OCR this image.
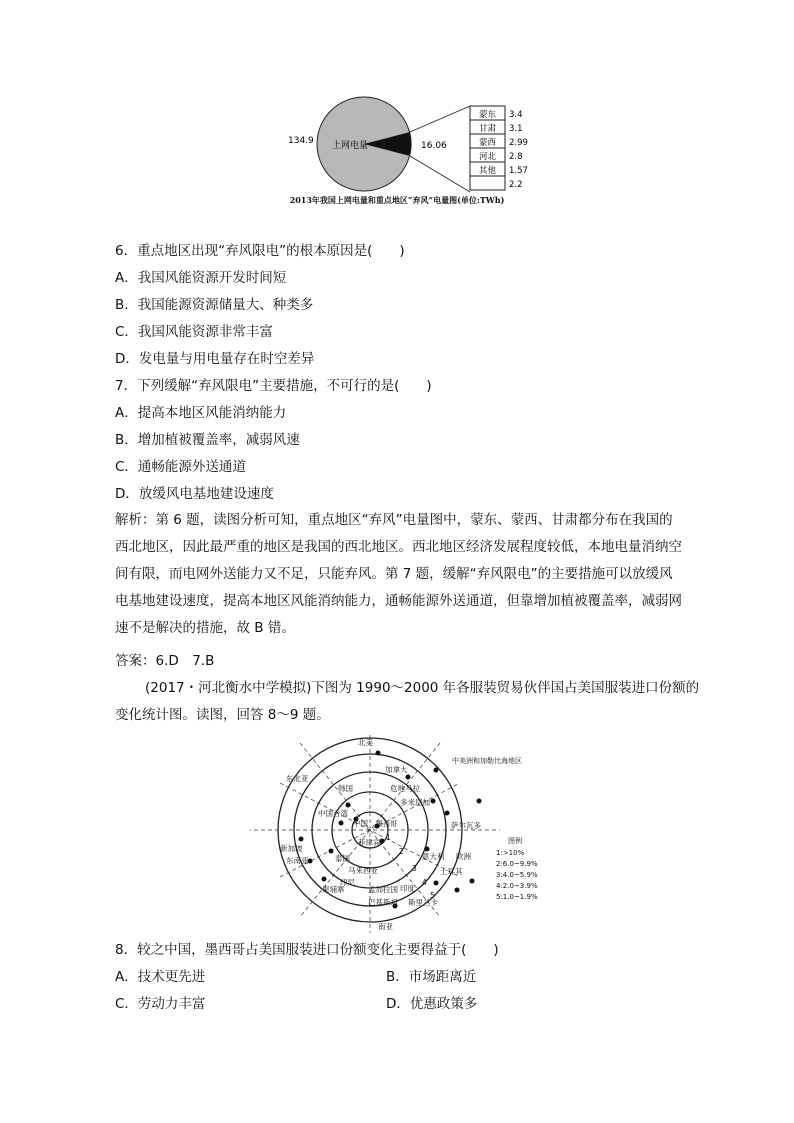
134.9 上网电量	16.06
蒙东
甘肃
蒙西
河北
其他
3.4
3.1
2.99
2.8
1.57
2.2
2013年我国上网电量和重点地区“弃风”电量图(单位:TWh)
6．重点地区出现“弃风限电”的根本原因是(　　)
A．我国风能资源开发时间短
B．我国能源资源储量大、种类多
C．我国风能资源非常丰富
D．发电量与用电量存在时空差异
7．下列缓解“弃风限电”主要措施，不可行的是(　　)
A．提高本地区风能消纳能力
B．增加植被覆盖率，减弱风速
C．通畅能源外送通道
D．放缓风电基地建设速度
解析：第 6 题，读图分析可知，重点地区“弃风”电量图中，蒙东、蒙西、甘肃都分布在我国的
西北地区，因此最严重的地区是我国的西北地区。西北地区经济发展程度较低，本地电量消纳空
间有限，而电网外送能力又不足，只能弃风。第 7 题，缓解“弃风限电”的主要措施可以放缓风
电基地建设速度，提高本地区风能消纳能力，通畅能源外送通道，但靠增加植被覆盖率，减弱网
速不是解决的措施，故 B 错。
答案：6.D　7.B
(2017・河北衡水中学模拟)下图为 1990～2000 年各服装贸易伙伴国占美国服装进口份额的
变化统计图。读图，回答 8～9 题。
北美
中美洲和加勒比海地区
东北亚
欧洲
东南亚
南亚
加拿大
韩国	危地马拉
多米尼加
中国台湾
中国 墨西哥	萨尔瓦多
菲律宾
新加坡
泰国	意大利
土耳其
马来西亚
印尼
柬埔寨	孟加拉国 印度
巴基斯坦 斯里兰卡
1
2
3
4
5
图例
1:>10%
2:6.0~9.9%
3:4.0~5.9%
4:2.0~3.9%
5:1.0~1.9%
8．较之中国，墨西哥占美国服装进口份额变化主要得益于(　　)
A．技术更先进	B．市场距离近
C．劳动力丰富	D．优惠政策多
